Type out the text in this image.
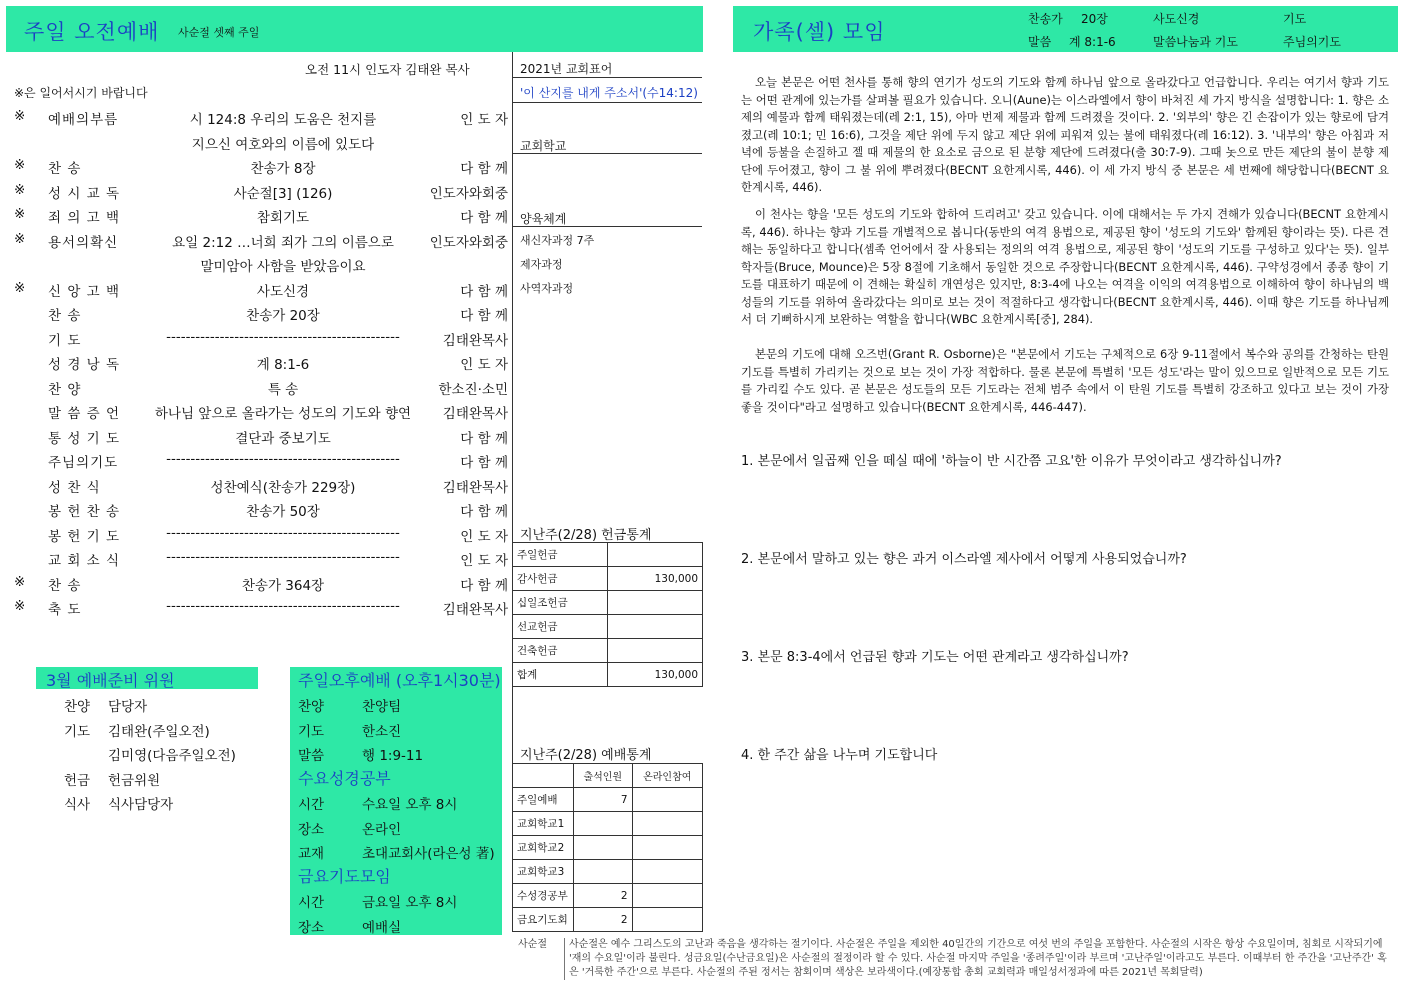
주일 오전예배 사순절 셋째 주일	가족(셀) 모임
찬송가 20장	사도신경	기도
말씀 계 8:1-6	말씀나눔과 기도	주님의기도
오전 11시 인도자 김태완 목사
※은 일어서시기 바랍니다
※ 예배의부름	시 124:8 우리의 도움은 천지를	인 도 자
지으신 여호와의 이름에 있도다
※ 찬 송	찬송가 8장	다 함 께
※ 성 시 교 독	사순절[3] (126)	인도자와회중
※ 죄 의 고 백	참회기도	다 함 께
※ 용서의확신	요일 2:12 …너희 죄가 그의 이름으로	인도자와회중
말미암아 사함을 받았음이요
※ 신 앙 고 백	사도신경	다 함 께
찬 송	찬송가 20장	다 함 께
기 도	------------------------------------------------	김태완목사
성 경 낭 독	계 8:1-6	인 도 자
찬 양	특 송	한소진·소민
말 씀 증 언	하나님 앞으로 올라가는 성도의 기도와 향연	김태완목사
통 성 기 도	결단과 중보기도	다 함 께
주님의기도	------------------------------------------------	다 함 께
성 찬 식	성찬예식(찬송가 229장)	김태완목사
봉 헌 찬 송	찬송가 50장	다 함 께
봉 헌 기 도	------------------------------------------------	인 도 자
교 회 소 식	------------------------------------------------	인 도 자
※ 찬 송	찬송가 364장	다 함 께
※ 축 도	------------------------------------------------	김태완목사
2021년 교회표어
'이 산지를 내게 주소서'(수14:12)
교회학교
양육체계
새신자과정 7주
제자과정
사역자과정
지난주(2/28) 헌금통계
주일헌금	
감사헌금	130,000
십일조헌금	
선교헌금	
건축헌금	
합계	130,000
지난주(2/28) 예배통계
	출석인원	온라인참여
주일예배	7	
교회학교1		
교회학교2		
교회학교3		
수성경공부	2	
금요기도회	2	
3월 예배준비 위원
찬양 담당자
기도 김태완(주일오전)
김미영(다음주일오전)
헌금 헌금위원
식사 식사담당자
주일오후예배 (오후1시30분)
찬양	찬양팀
기도	한소진
말씀	행 1:9-11
수요성경공부
시간	수요일 오후 8시
장소	온라인
교재	초대교회사(라은성 著)
금요기도모임
시간	금요일 오후 8시
장소	예배실

오늘 본문은 어떤 천사를 통해 향의 연기가 성도의 기도와 함께 하나님 앞으로 올라갔다고 언급합니다. 우리는 여기서 향과 기도는 어떤 관계에 있는가를 살펴볼 필요가 있습니다. 오니(Aune)는 이스라엘에서 향이 바쳐진 세 가지 방식을 설명합니다: 1. 향은 소제의 예물과 함께 태워졌는데(레 2:1, 15), 아마 번제 제물과 함께 드려졌을 것이다. 2. '외부의' 향은 긴 손잡이가 있는 향로에 담겨졌고(레 10:1; 민 16:6), 그것을 제단 위에 두지 않고 제단 위에 피워져 있는 불에 태워졌다(레 16:12). 3. '내부의' 향은 아침과 저녁에 등불을 손질하고 젤 때 제물의 한 요소로 금으로 된 분향 제단에 드려졌다(출 30:7-9). 그때 놋으로 만든 제단의 불이 분향 제단에 두어졌고, 향이 그 불 위에 뿌려졌다(BECNT 요한계시록, 446). 이 세 가지 방식 중 본문은 세 번째에 해당합니다(BECNT 요한계시록, 446).

이 천사는 향을 '모든 성도의 기도와 합하여 드리려고' 갖고 있습니다. 이에 대해서는 두 가지 견해가 있습니다(BECNT 요한계시록, 446). 하나는 향과 기도를 개별적으로 봅니다(동반의 여격 용법으로, 제공된 향이 '성도의 기도와' 함께된 향이라는 뜻). 다른 견해는 동일하다고 합니다(셈족 언어에서 잘 사용되는 정의의 여격 용법으로, 제공된 향이 '성도의 기도를 구성하고 있다'는 뜻). 일부 학자들(Bruce, Mounce)은 5장 8절에 기초해서 동일한 것으로 주장합니다(BECNT 요한계시록, 446). 구약성경에서 종종 향이 기도를 대표하기 때문에 이 견해는 확실히 개연성은 있지만, 8:3-4에 나오는 여격을 이익의 여격용법으로 이해하여 향이 하나님의 백성들의 기도를 위하여 올라갔다는 의미로 보는 것이 적절하다고 생각합니다(BECNT 요한계시록, 446). 이때 향은 기도를 하나님께서 더 기뻐하시게 보완하는 역할을 합니다(WBC 요한계시록[중], 284).

본문의 기도에 대해 오즈번(Grant R. Osborne)은 "본문에서 기도는 구체적으로 6장 9-11절에서 복수와 공의를 간청하는 탄원 기도를 특별히 가리키는 것으로 보는 것이 가장 적합하다. 물론 본문에 특별히 '모든 성도'라는 말이 있으므로 일반적으로 모든 기도를 가리킬 수도 있다. 곧 본문은 성도들의 모든 기도라는 전체 범주 속에서 이 탄원 기도를 특별히 강조하고 있다고 보는 것이 가장 좋을 것이다"라고 설명하고 있습니다(BECNT 요한계시록, 446-447).

1. 본문에서 일곱째 인을 떼실 때에 '하늘이 반 시간쯤 고요'한 이유가 무엇이라고 생각하십니까?
2. 본문에서 말하고 있는 향은 과거 이스라엘 제사에서 어떻게 사용되었습니까?
3. 본문 8:3-4에서 언급된 향과 기도는 어떤 관계라고 생각하십니까?
4. 한 주간 삶을 나누며 기도합니다
사순절	사순절은 예수 그리스도의 고난과 죽음을 생각하는 절기이다. 사순절은 주일을 제외한 40일간의 기간으로 여섯 번의 주일을 포함한다. 사순절의 시작은 항상 수요일이며, 침회로 시작되기에 '재의 수요일'이라 불린다. 성금요일(수난금요일)은 사순절의 절정이라 할 수 있다. 사순절 마지막 주일을 '종려주일'이라 부르며 '고난주일'이라고도 부른다. 이때부터 한 주간을 '고난주간' 혹은 '거룩한 주간'으로 부른다. 사순절의 주된 정서는 참회이며 색상은 보라색이다.(예장통합 총회 교회력과 매일성서정과에 따른 2021년 목회달력)
